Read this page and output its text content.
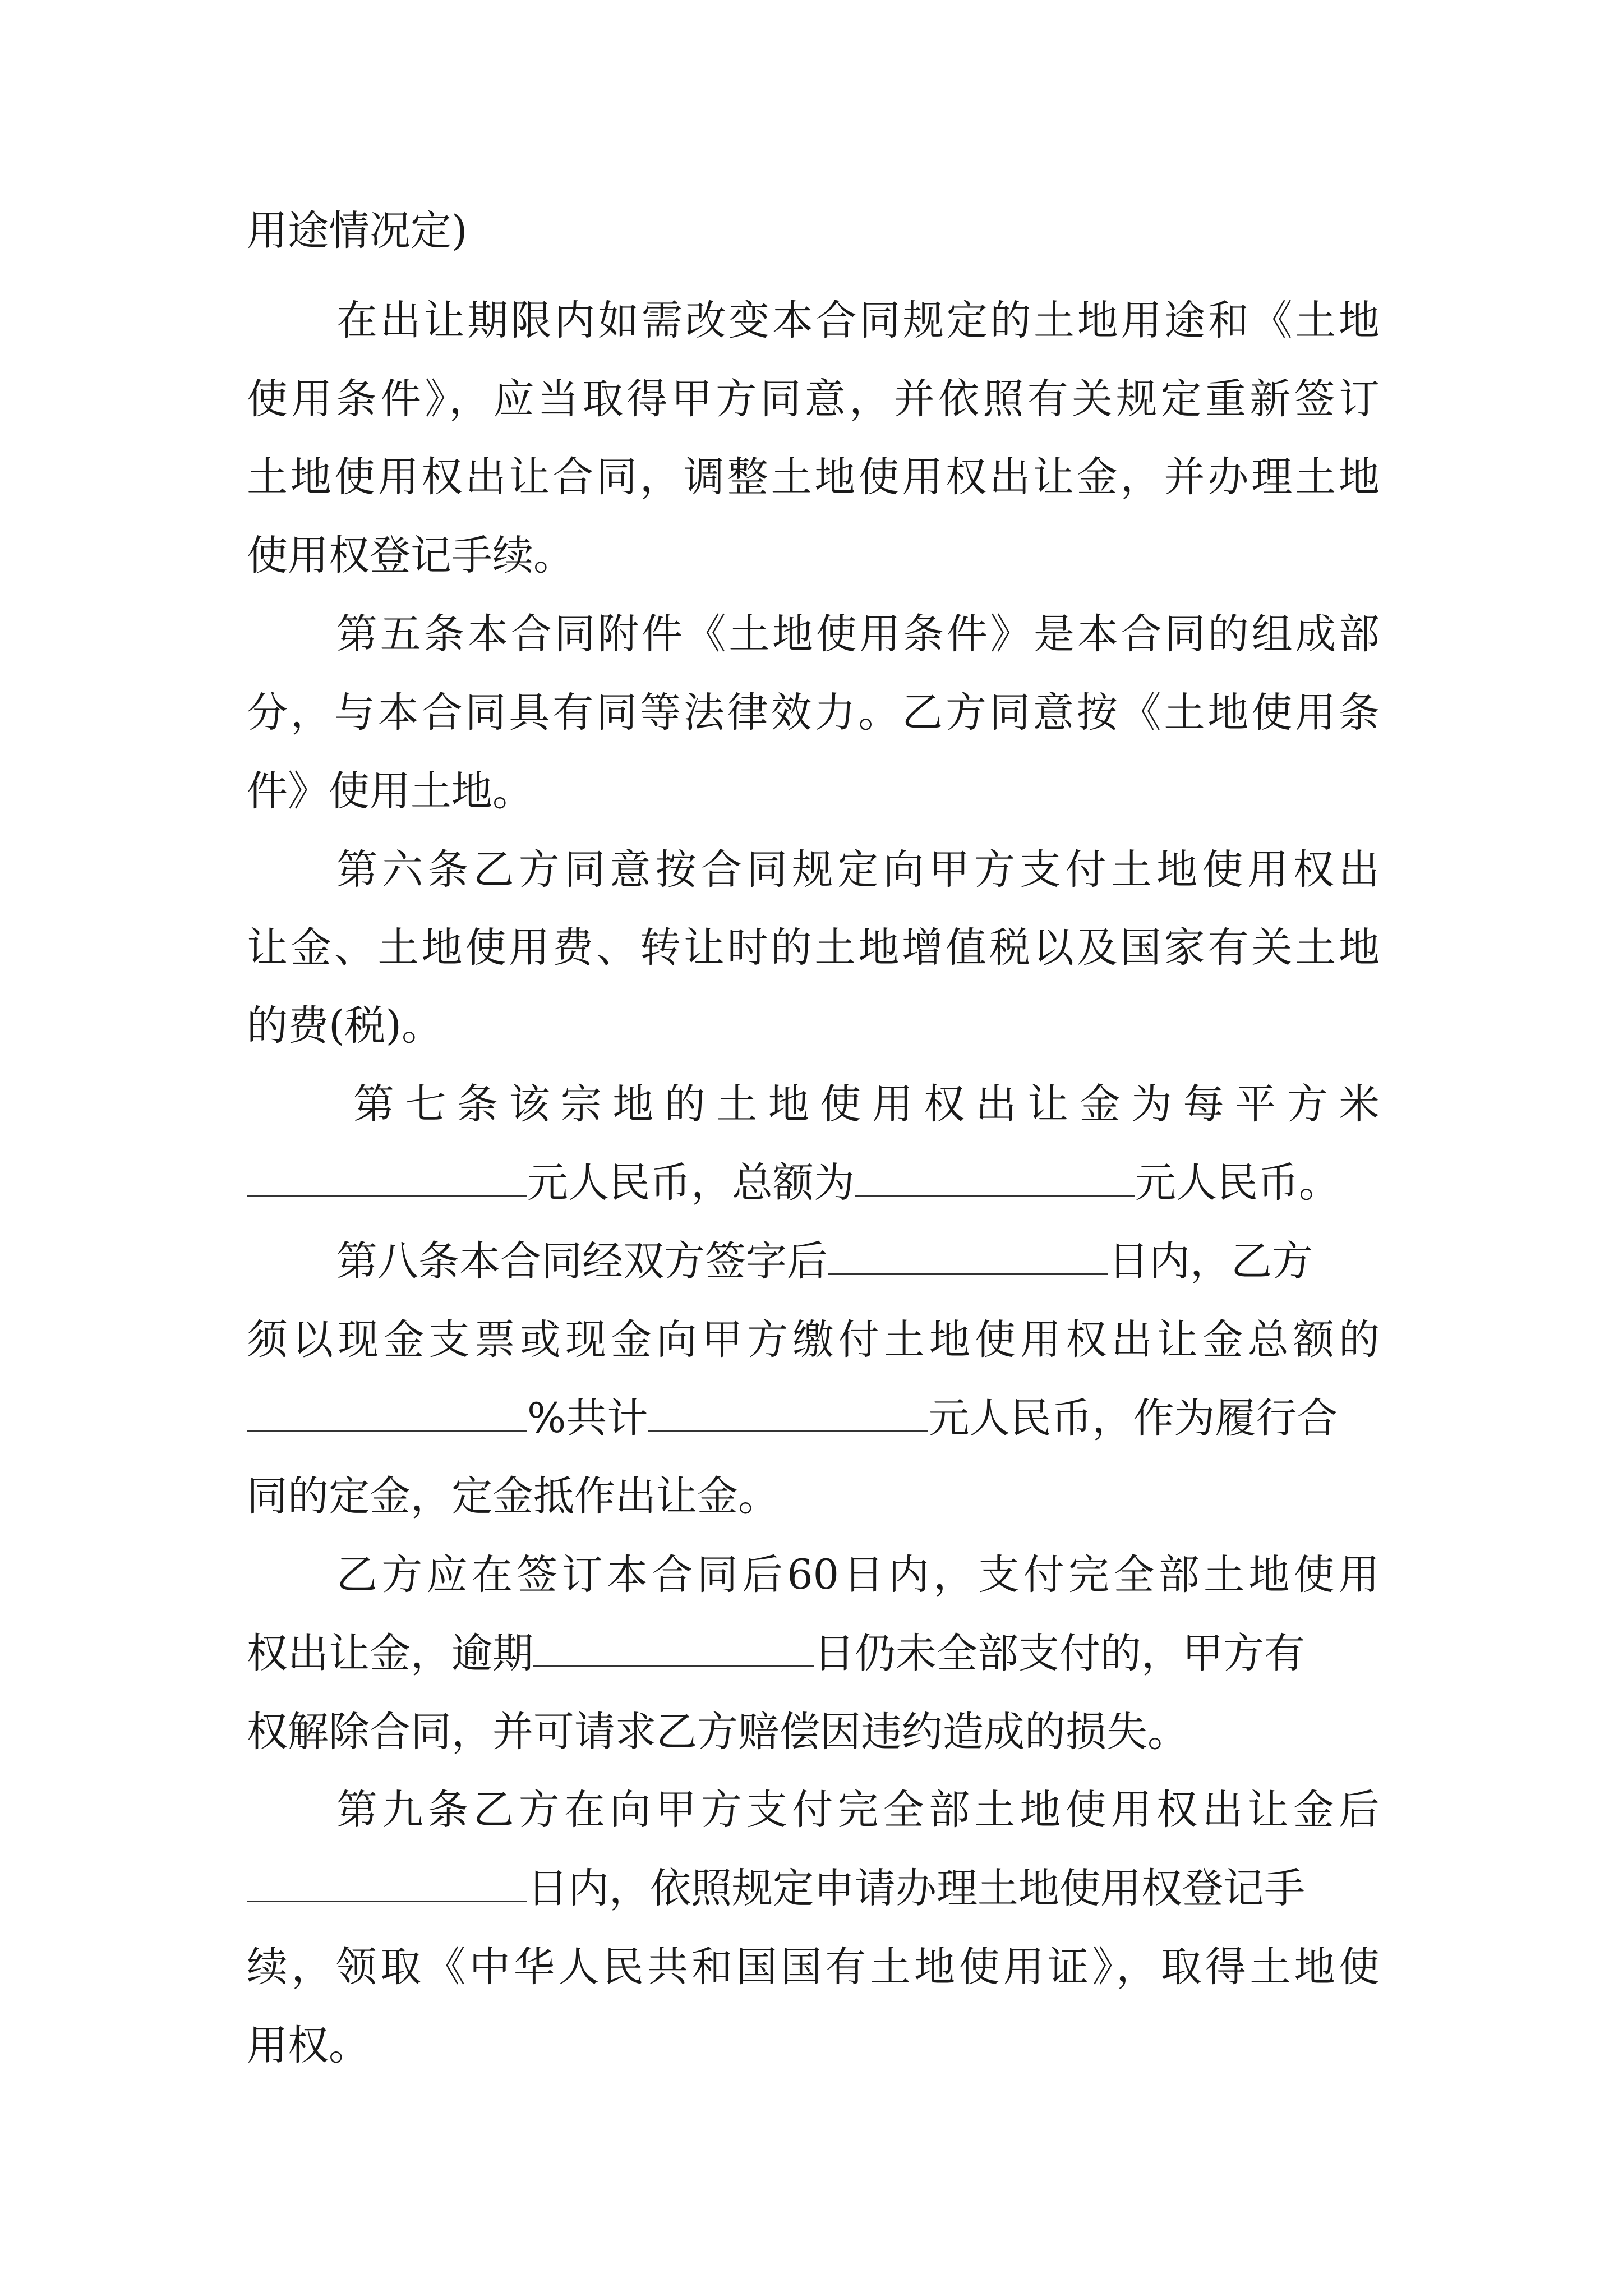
用途情况定)
在出让期限内如需改变本合同规定的土地用途和《土地
使用条件》，应当取得甲方同意，并依照有关规定重新签订
土地使用权出让合同，调整土地使用权出让金，并办理土地
使用权登记手续。
第五条本合同附件《土地使用条件》是本合同的组成部
分，与本合同具有同等法律效力。乙方同意按《土地使用条
件》使用土地。
第六条乙方同意按合同规定向甲方支付土地使用权出
让金、土地使用费、转让时的土地增值税以及国家有关土地
的费(税)。
第七条该宗地的土地使用权出让金为每平方米
元人民币，总额为	元人民币。
第八条本合同经双方签字后	日内，乙方
须以现金支票或现金向甲方缴付土地使用权出让金总额的
%共计	元人民币，作为履行合
同的定金，定金抵作出让金。
乙方应在签订本合同后60日内，支付完全部土地使用
权出让金，逾期	日仍未全部支付的，甲方有
权解除合同，并可请求乙方赔偿因违约造成的损失。
第九条乙方在向甲方支付完全部土地使用权出让金后
日内，依照规定申请办理土地使用权登记手
续，领取《中华人民共和国国有土地使用证》，取得土地使
用权。
